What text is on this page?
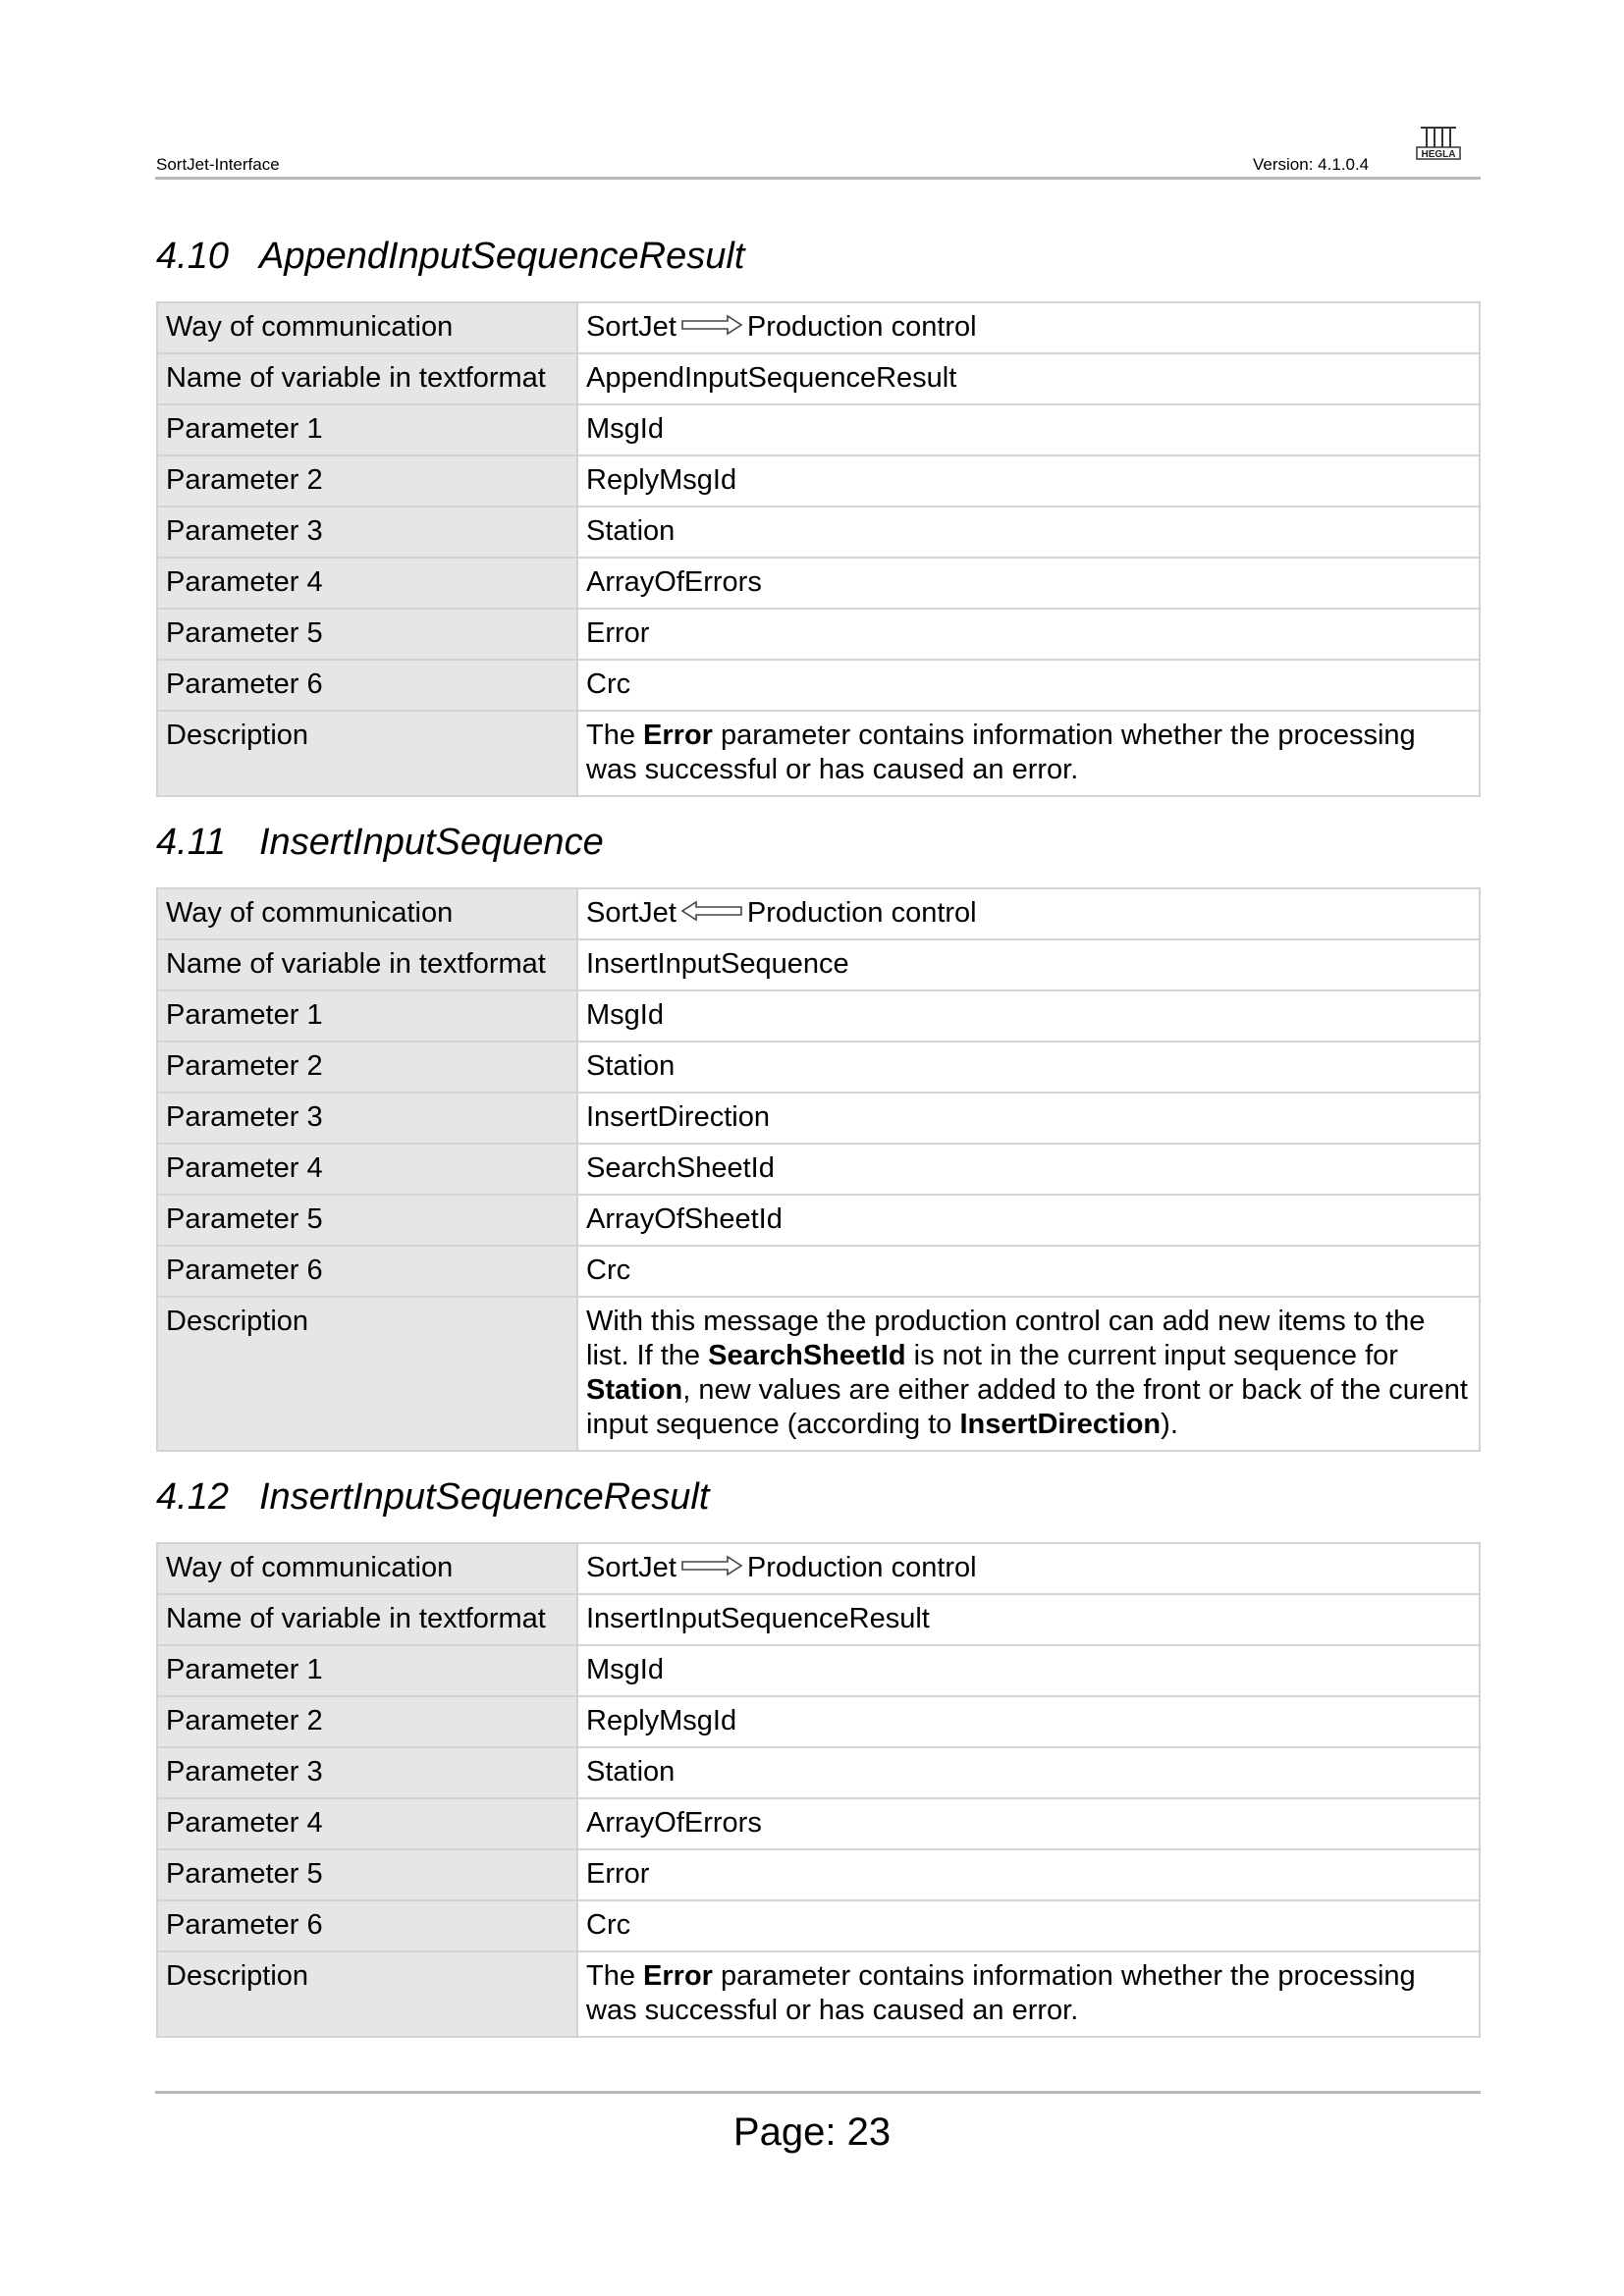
SortJet-Interface	Version: 4.1.0.4
HEGLA
4.10 AppendInputSequenceResult
Way of communication	SortJet Production control
Name of variable in textformat	AppendInputSequenceResult
Parameter 1	MsgId
Parameter 2	ReplyMsgId
Parameter 3	Station
Parameter 4	ArrayOfErrors
Parameter 5	Error
Parameter 6	Crc
Description	The Error parameter contains information whether the processing was successful or has caused an error.
4.11 InsertInputSequence
Way of communication	SortJet Production control
Name of variable in textformat	InsertInputSequence
Parameter 1	MsgId
Parameter 2	Station
Parameter 3	InsertDirection
Parameter 4	SearchSheetId
Parameter 5	ArrayOfSheetId
Parameter 6	Crc
Description	With this message the production control can add new items to the list. If the SearchSheetId is not in the current input sequence for Station, new values are either added to the front or back of the curent input sequence (according to InsertDirection).
4.12 InsertInputSequenceResult
Way of communication	SortJet Production control
Name of variable in textformat	InsertInputSequenceResult
Parameter 1	MsgId
Parameter 2	ReplyMsgId
Parameter 3	Station
Parameter 4	ArrayOfErrors
Parameter 5	Error
Parameter 6	Crc
Description	The Error parameter contains information whether the processing was successful or has caused an error.
Page: 23
